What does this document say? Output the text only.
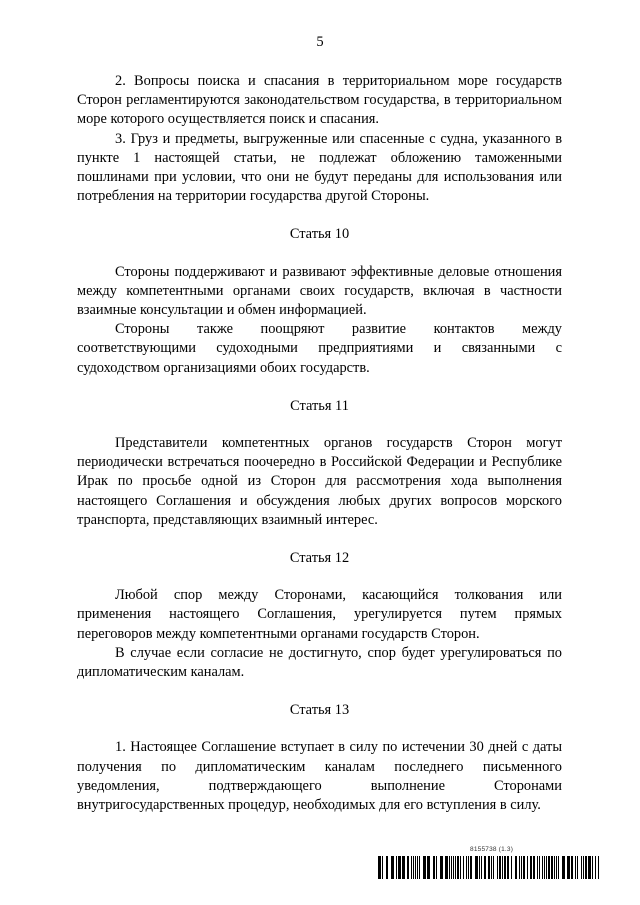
5

2. Вопросы поиска и спасания в территориальном море государств Сторон регламентируются законодательством государства, в территориальном море которого осуществляется поиск и спасания.

3. Груз и предметы, выгруженные или спасенные с судна, указанного в пункте 1 настоящей статьи, не подлежат обложению таможенными пошлинами при условии, что они не будут переданы для использования или потребления на территории государства другой Стороны.

Статья 10

Стороны поддерживают и развивают эффективные деловые отношения между компетентными органами своих государств, включая в частности взаимные консультации и обмен информацией.

Стороны также поощряют развитие контактов между соответствующими судоходными предприятиями и связанными с судоходством организациями обоих государств.

Статья 11

Представители компетентных органов государств Сторон могут периодически встречаться поочередно в Российской Федерации и Республике Ирак по просьбе одной из Сторон для рассмотрения хода выполнения настоящего Соглашения и обсуждения любых других вопросов морского транспорта, представляющих взаимный интерес.

Статья 12

Любой спор между Сторонами, касающийся толкования или применения настоящего Соглашения, урегулируется путем прямых переговоров между компетентными органами государств Сторон.

В случае если согласие не достигнуто, спор будет урегулироваться по дипломатическим каналам.

Статья 13

1. Настоящее Соглашение вступает в силу по истечении 30 дней с даты получения по дипломатическим каналам последнего письменного уведомления, подтверждающего выполнение Сторонами внутригосударственных процедур, необходимых для его вступления в силу.

8155738 (1.3)
